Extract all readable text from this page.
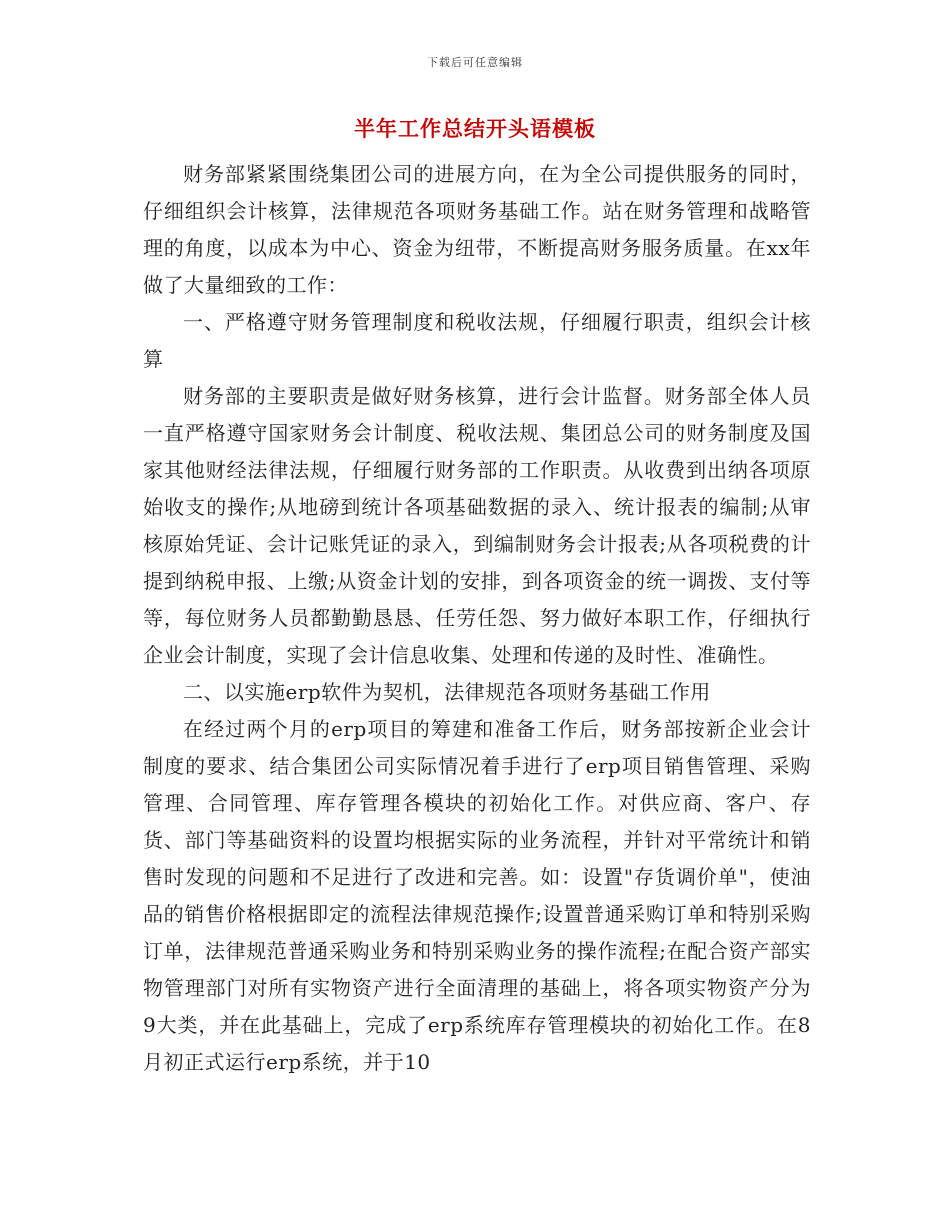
下载后可任意编辑
半年工作总结开头语模板

财务部紧紧围绕集团公司的进展方向，在为全公司提供服务的同时，仔细组织会计核算，法律规范各项财务基础工作。站在财务管理和战略管理的角度，以成本为中心、资金为纽带，不断提高财务服务质量。在xx年做了大量细致的工作：

一、严格遵守财务管理制度和税收法规，仔细履行职责，组织会计核算

财务部的主要职责是做好财务核算，进行会计监督。财务部全体人员一直严格遵守国家财务会计制度、税收法规、集团总公司的财务制度及国家其他财经法律法规，仔细履行财务部的工作职责。从收费到出纳各项原始收支的操作;从地磅到统计各项基础数据的录入、统计报表的编制;从审核原始凭证、会计记账凭证的录入，到编制财务会计报表;从各项税费的计提到纳税申报、上缴;从资金计划的安排，到各项资金的统一调拨、支付等等，每位财务人员都勤勤恳恳、任劳任怨、努力做好本职工作，仔细执行企业会计制度，实现了会计信息收集、处理和传递的及时性、准确性。

二、以实施erp软件为契机，法律规范各项财务基础工作用

在经过两个月的erp项目的筹建和准备工作后，财务部按新企业会计制度的要求、结合集团公司实际情况着手进行了erp项目销售管理、采购管理、合同管理、库存管理各模块的初始化工作。对供应商、客户、存货、部门等基础资料的设置均根据实际的业务流程，并针对平常统计和销售时发现的问题和不足进行了改进和完善。如：设置"存货调价单"，使油品的销售价格根据即定的流程法律规范操作;设置普通采购订单和特别采购订单，法律规范普通采购业务和特别采购业务的操作流程;在配合资产部实物管理部门对所有实物资产进行全面清理的基础上，将各项实物资产分为9大类，并在此基础上，完成了erp系统库存管理模块的初始化工作。在8月初正式运行erp系统，并于10
